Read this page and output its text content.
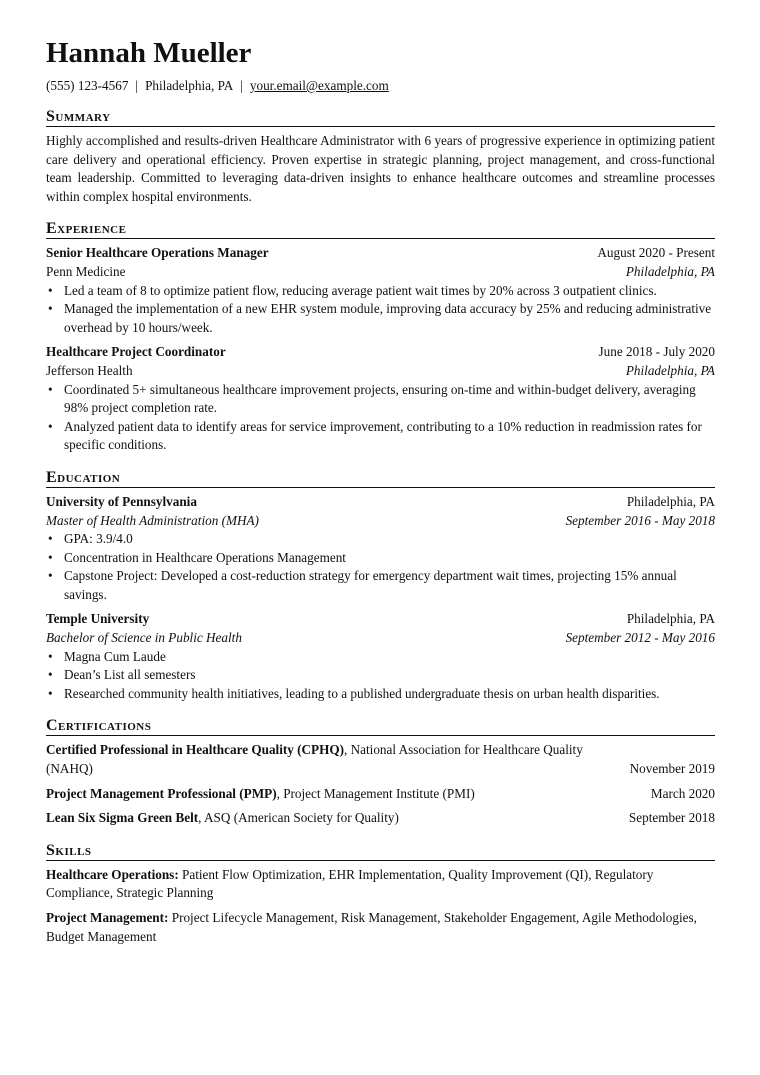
Hannah Mueller
(555) 123-4567 | Philadelphia, PA | your.email@example.com
Summary
Highly accomplished and results-driven Healthcare Administrator with 6 years of progressive experience in optimizing patient care delivery and operational efficiency. Proven expertise in strategic planning, project management, and cross-functional team leadership. Committed to leveraging data-driven insights to enhance healthcare outcomes and streamline processes within complex hospital environments.
Experience
Senior Healthcare Operations Manager	August 2020 - Present
Penn Medicine	Philadelphia, PA
• Led a team of 8 to optimize patient flow, reducing average patient wait times by 20% across 3 outpatient clinics.
• Managed the implementation of a new EHR system module, improving data accuracy by 25% and reducing administrative overhead by 10 hours/week.
Healthcare Project Coordinator	June 2018 - July 2020
Jefferson Health	Philadelphia, PA
• Coordinated 5+ simultaneous healthcare improvement projects, ensuring on-time and within-budget delivery, averaging 98% project completion rate.
• Analyzed patient data to identify areas for service improvement, contributing to a 10% reduction in readmission rates for specific conditions.
Education
University of Pennsylvania	Philadelphia, PA
Master of Health Administration (MHA)	September 2016 - May 2018
• GPA: 3.9/4.0
• Concentration in Healthcare Operations Management
• Capstone Project: Developed a cost-reduction strategy for emergency department wait times, projecting 15% annual savings.
Temple University	Philadelphia, PA
Bachelor of Science in Public Health	September 2012 - May 2016
• Magna Cum Laude
• Dean’s List all semesters
• Researched community health initiatives, leading to a published undergraduate thesis on urban health disparities.
Certifications
Certified Professional in Healthcare Quality (CPHQ), National Association for Healthcare Quality
(NAHQ)	November 2019
Project Management Professional (PMP), Project Management Institute (PMI)	March 2020
Lean Six Sigma Green Belt, ASQ (American Society for Quality)	September 2018
Skills
Healthcare Operations: Patient Flow Optimization, EHR Implementation, Quality Improvement (QI), Regulatory Compliance, Strategic Planning
Project Management: Project Lifecycle Management, Risk Management, Stakeholder Engagement, Agile Methodologies, Budget Management
